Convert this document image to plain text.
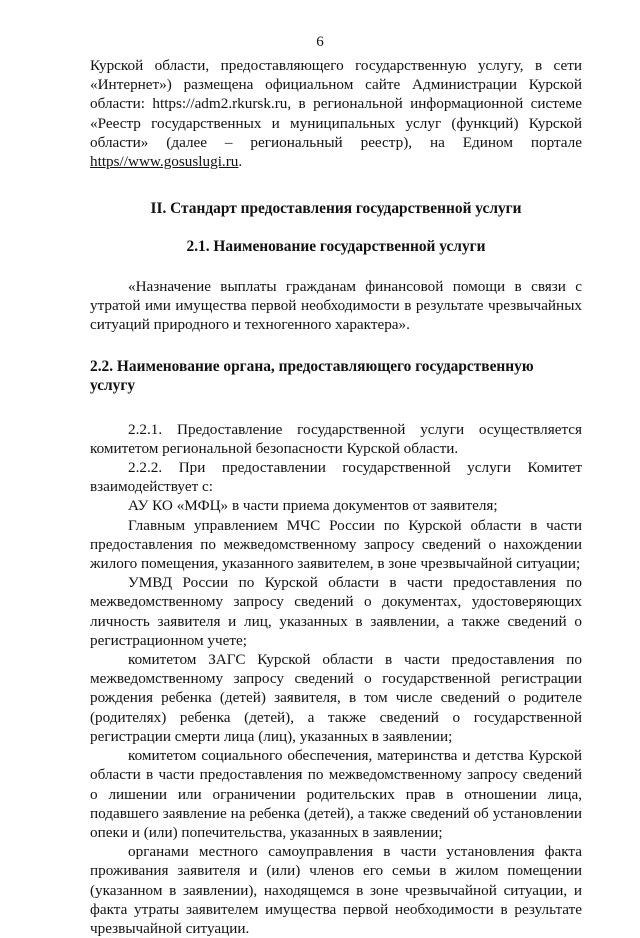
6

Курской области, предоставляющего государственную услугу, в сети «Интернет») размещена официальном сайте Администрации Курской области: https://adm2.rkursk.ru, в региональной информационной системе «Реестр государственных и муниципальных услуг (функций) Курской области» (далее – региональный реестр), на Едином портале https//www.gosuslugi.ru.

II. Стандарт предоставления государственной услуги

2.1. Наименование государственной услуги

«Назначение выплаты гражданам финансовой помощи в связи с утратой ими имущества первой необходимости в результате чрезвычайных ситуаций природного и техногенного характера».

2.2. Наименование органа, предоставляющего государственную услугу

2.2.1. Предоставление государственной услуги осуществляется комитетом региональной безопасности Курской области.

2.2.2. При предоставлении государственной услуги Комитет взаимодействует с:

АУ КО «МФЦ» в части приема документов от заявителя;

Главным управлением МЧС России по Курской области в части предоставления по межведомственному запросу сведений о нахождении жилого помещения, указанного заявителем, в зоне чрезвычайной ситуации;

УМВД России по Курской области в части предоставления по межведомственному запросу сведений о документах, удостоверяющих личность заявителя и лиц, указанных в заявлении, а также сведений о регистрационном учете;

комитетом ЗАГС Курской области в части предоставления по межведомственному запросу сведений о государственной регистрации рождения ребенка (детей) заявителя, в том числе сведений о родителе (родителях) ребенка (детей), а также сведений о государственной регистрации смерти лица (лиц), указанных в заявлении;

комитетом социального обеспечения, материнства и детства Курской области в части предоставления по межведомственному запросу сведений о лишении или ограничении родительских прав в отношении лица, подавшего заявление на ребенка (детей), а также сведений об установлении опеки и (или) попечительства, указанных в заявлении;

органами местного самоуправления в части установления факта проживания заявителя и (или) членов его семьи в жилом помещении (указанном в заявлении), находящемся в зоне чрезвычайной ситуации, и факта утраты заявителем имущества первой необходимости в результате чрезвычайной ситуации.
